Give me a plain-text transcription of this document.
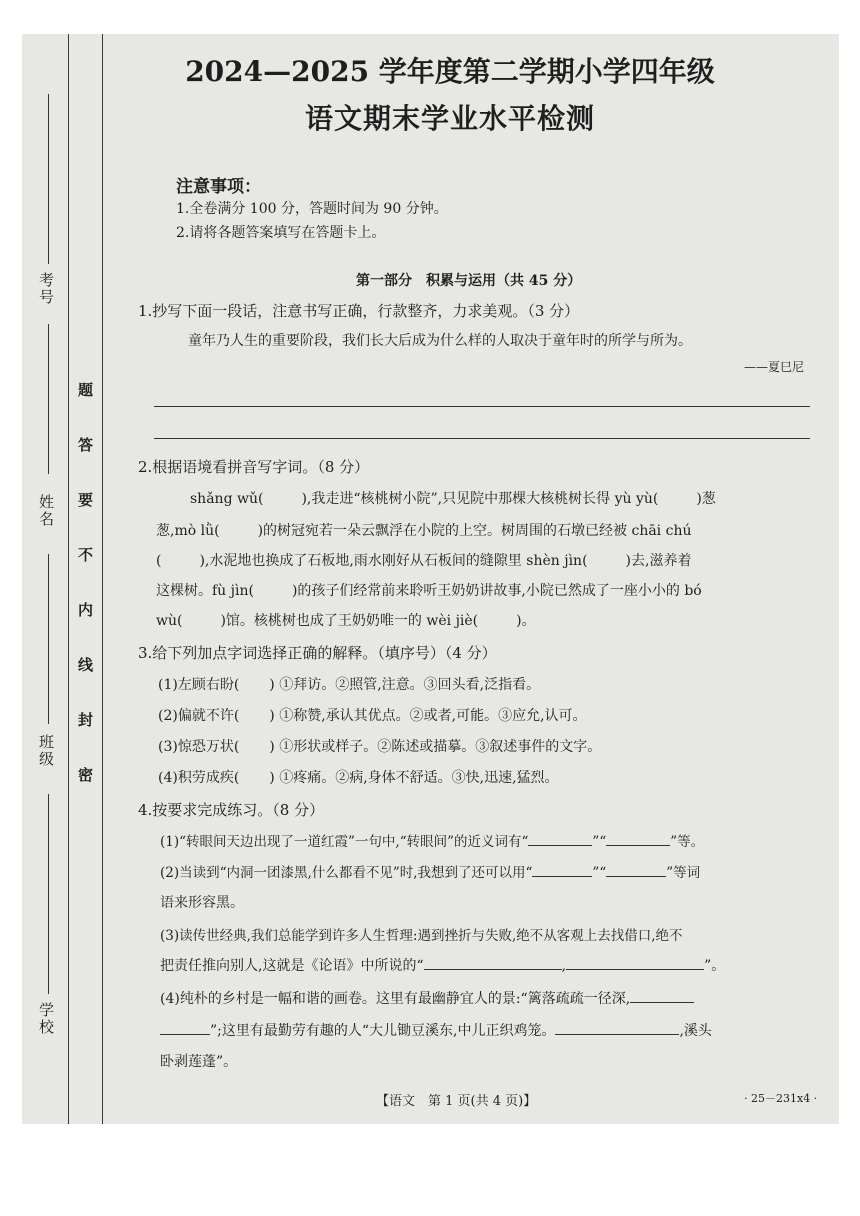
考号
姓名
班级
学校
题
答
要
不
内
线
封
密
2024—2025 学年度第二学期小学四年级
语文期末学业水平检测
注意事项：
1.全卷满分 100 分，答题时间为 90 分钟。
2.请将各题答案填写在答题卡上。
第一部分　积累与运用（共 45 分）
1.抄写下面一段话，注意书写正确，行款整齐，力求美观。（3 分）
童年乃人生的重要阶段，我们长大后成为什么样的人取决于童年时的所学与所为。
——夏巳尼
2.根据语境看拼音写字词。（8 分）
shǎng wǔ(	),我走进“核桃树小院”,只见院中那棵大核桃树长得 yù yù(	)葱
葱,mò lǜ(	)的树冠宛若一朵云飘浮在小院的上空。树周围的石墩已经被 chāi chú
(	),水泥地也换成了石板地,雨水刚好从石板间的缝隙里 shèn jìn(	)去,滋养着
这棵树。fù jìn(	)的孩子们经常前来聆听王奶奶讲故事,小院已然成了一座小小的 bó
wù(	)馆。核桃树也成了王奶奶唯一的 wèi jiè(	)。
3.给下列加点字词选择正确的解释。（填序号）（4 分）
(1)左顾右盼( ) ①拜访。②照管,注意。③回头看,泛指看。
(2)偏就不许( ) ①称赞,承认其优点。②或者,可能。③应允,认可。
(3)惊恐万状( ) ①形状或样子。②陈述或描摹。③叙述事件的文字。
(4)积劳成疾( ) ①疼痛。②病,身体不舒适。③快,迅速,猛烈。
4.按要求完成练习。（8 分）
(1)“转眼间天边出现了一道红霞”一句中,“转眼间”的近义词有“	”“	”等。
(2)当读到“内洞一团漆黑,什么都看不见”时,我想到了还可以用“	”“	”等词
语来形容黑。
(3)读传世经典,我们总能学到许多人生哲理:遇到挫折与失败,绝不从客观上去找借口,绝不
把责任推向别人,这就是《论语》中所说的“	,	”。
(4)纯朴的乡村是一幅和谐的画卷。这里有最幽静宜人的景:“篱落疏疏一径深,
”;这里有最勤劳有趣的人“大儿锄豆溪东,中儿正织鸡笼。	,溪头
卧剥莲蓬”。
【语文　第 1 页(共 4 页)】	· 25－231x4 ·
